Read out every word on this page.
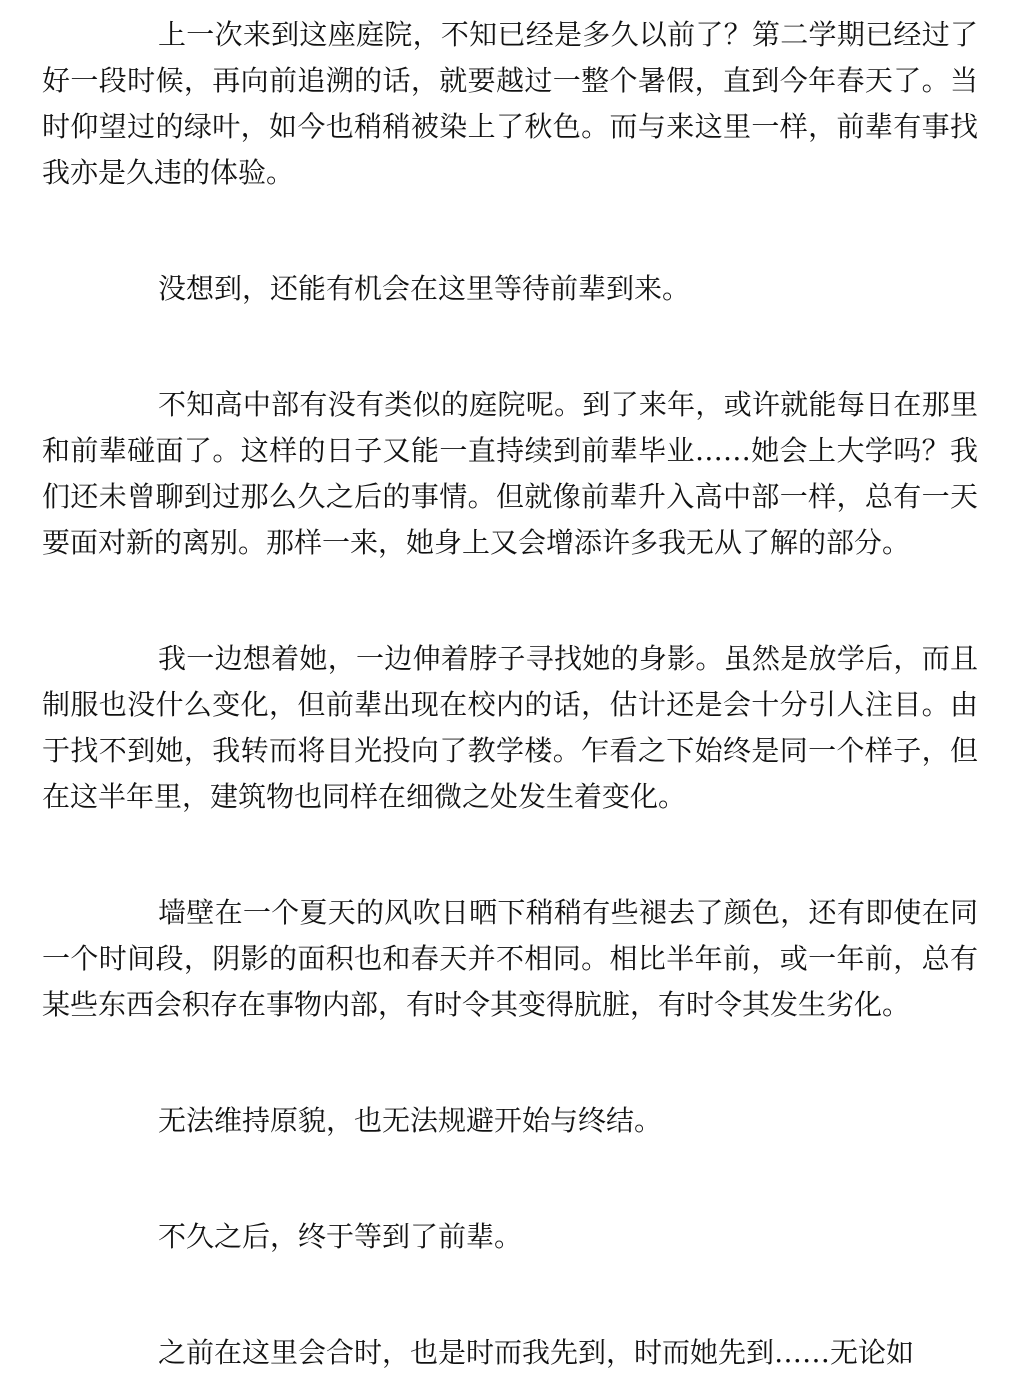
上一次来到这座庭院，不知已经是多久以前了？第二学期已经过了好一段时候，再向前追溯的话，就要越过一整个暑假，直到今年春天了。当时仰望过的绿叶，如今也稍稍被染上了秋色。而与来这里一样，前辈有事找我亦是久违的体验。

没想到，还能有机会在这里等待前辈到来。

不知高中部有没有类似的庭院呢。到了来年，或许就能每日在那里和前辈碰面了。这样的日子又能一直持续到前辈毕业……她会上大学吗？我们还未曾聊到过那么久之后的事情。但就像前辈升入高中部一样，总有一天要面对新的离别。那样一来，她身上又会增添许多我无从了解的部分。

我一边想着她，一边伸着脖子寻找她的身影。虽然是放学后，而且制服也没什么变化，但前辈出现在校内的话，估计还是会十分引人注目。由于找不到她，我转而将目光投向了教学楼。乍看之下始终是同一个样子，但在这半年里，建筑物也同样在细微之处发生着变化。

墙壁在一个夏天的风吹日晒下稍稍有些褪去了颜色，还有即使在同一个时间段，阴影的面积也和春天并不相同。相比半年前，或一年前，总有某些东西会积存在事物内部，有时令其变得肮脏，有时令其发生劣化。

无法维持原貌，也无法规避开始与终结。

不久之后，终于等到了前辈。

之前在这里会合时，也是时而我先到，时而她先到……无论如
